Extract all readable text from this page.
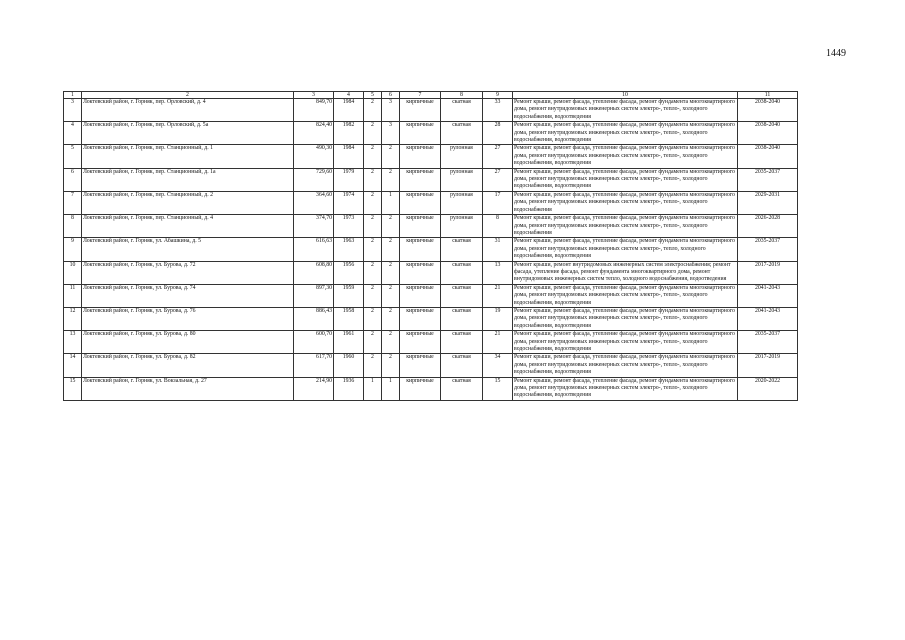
1449
1	2	3	4	5	6	7	8	9	10	11
3	Локтевский район, г. Горняк, пер. Орловский, д. 4	849,70	1984	2	3	кирпичные	скатная	33	Ремонт крыши, ремонт фасада, утепление фасада, ремонт фундамента многоквартирного дома, ремонт внутридомовых инженерных систем электро-, тепло-, холодного водоснабжения, водоотведения	2038-2040
4	Локтевский район, г. Горняк, пер. Орловский, д. 5а	824,40	1982	2	3	кирпичные	скатная	28	Ремонт крыши, ремонт фасада, утепление фасада, ремонт фундамента многоквартирного дома, ремонт внутридомовых инженерных систем электро-, тепло-, холодного водоснабжения, водоотведения	2038-2040
5	Локтевский район, г. Горняк, пер. Станционный, д. 1	490,30	1984	2	2	кирпичные	рулонная	27	Ремонт крыши, ремонт фасада, утепление фасада, ремонт фундамента многоквартирного дома, ремонт внутридомовых инженерных систем электро-, тепло-, холодного водоснабжения, водоотведения	2038-2040
6	Локтевский район, г. Горняк, пер. Станционный, д. 1а	729,60	1979	2	2	кирпичные	рулонная	27	Ремонт крыши, ремонт фасада, утепление фасада, ремонт фундамента многоквартирного дома, ремонт внутридомовых инженерных систем электро-, тепло-, холодного водоснабжения, водоотведения	2035-2037
7	Локтевский район, г. Горняк, пер. Станционный, д. 2	364,60	1974	2	1	кирпичные	рулонная	17	Ремонт крыши, ремонт фасада, утепление фасада, ремонт фундамента многоквартирного дома, ремонт внутридомовых инженерных систем электро-, тепло-, холодного водоснабжения	2029-2031
8	Локтевский район, г. Горняк, пер. Станционный, д. 4	374,70	1973	2	2	кирпичные	рулонная	8	Ремонт крыши, ремонт фасада, утепление фасада, ремонт фундамента многоквартирного дома, ремонт внутридомовых инженерных систем электро-, тепло-, холодного водоснабжения	2026-2028
9	Локтевский район, г. Горняк, ул. Абашкина, д. 5	616,63	1963	2	2	кирпичные	скатная	31	Ремонт крыши, ремонт фасада, утепление фасада, ремонт фундамента многоквартирного дома, ремонт внутридомовых инженерных систем электро-, тепло, холодного водоснабжения, водоотведения	2035-2037
10	Локтевский район, г. Горняк, ул. Бурова, д. 72	608,80	1956	2	2	кирпичные	скатная	13	Ремонт крыши, ремонт внутридомовых инженерных систем электроснабжения; ремонт фасада, утепление фасада, ремонт фундамента многоквартирного дома, ремонт внутридомовых инженерных систем тепло, холодного водоснабжения, водоотведения	2017-2019
11	Локтевский район, г. Горняк, ул. Бурова, д. 74	897,30	1959	2	2	кирпичные	скатная	21	Ремонт крыши, ремонт фасада, утепление фасада, ремонт фундамента многоквартирного дома, ремонт внутридомовых инженерных систем электро-, тепло-, холодного водоснабжения, водоотведения	2041-2043
12	Локтевский район, г. Горняк, ул. Бурова, д. 76	886,43	1958	2	2	кирпичные	скатная	19	Ремонт крыши, ремонт фасада, утепление фасада, ремонт фундамента многоквартирного дома, ремонт внутридомовых инженерных систем электро-, тепло-, холодного водоснабжения, водоотведения	2041-2043
13	Локтевский район, г. Горняк, ул. Бурова, д. 80	600,70	1961	2	2	кирпичные	скатная	21	Ремонт крыши, ремонт фасада, утепление фасада, ремонт фундамента многоквартирного дома, ремонт внутридомовых инженерных систем электро-, тепло-, холодного водоснабжения, водоотведения	2035-2037
14	Локтевский район, г. Горняк, ул. Бурова, д. 82	617,70	1960	2	2	кирпичные	скатная	34	Ремонт крыши, ремонт фасада, утепление фасада, ремонт фундамента многоквартирного дома, ремонт внутридомовых инженерных систем электро-, тепло-, холодного водоснабжения, водоотведения	2017-2019
15	Локтевский район, г. Горняк, ул. Вокзальная, д. 27	214,90	1936	1	1	кирпичные	скатная	15	Ремонт крыши, ремонт фасада, утепление фасада, ремонт фундамента многоквартирного дома, ремонт внутридомовых инженерных систем электро-, тепло-, холодного водоснабжения, водоотведения	2020-2022
